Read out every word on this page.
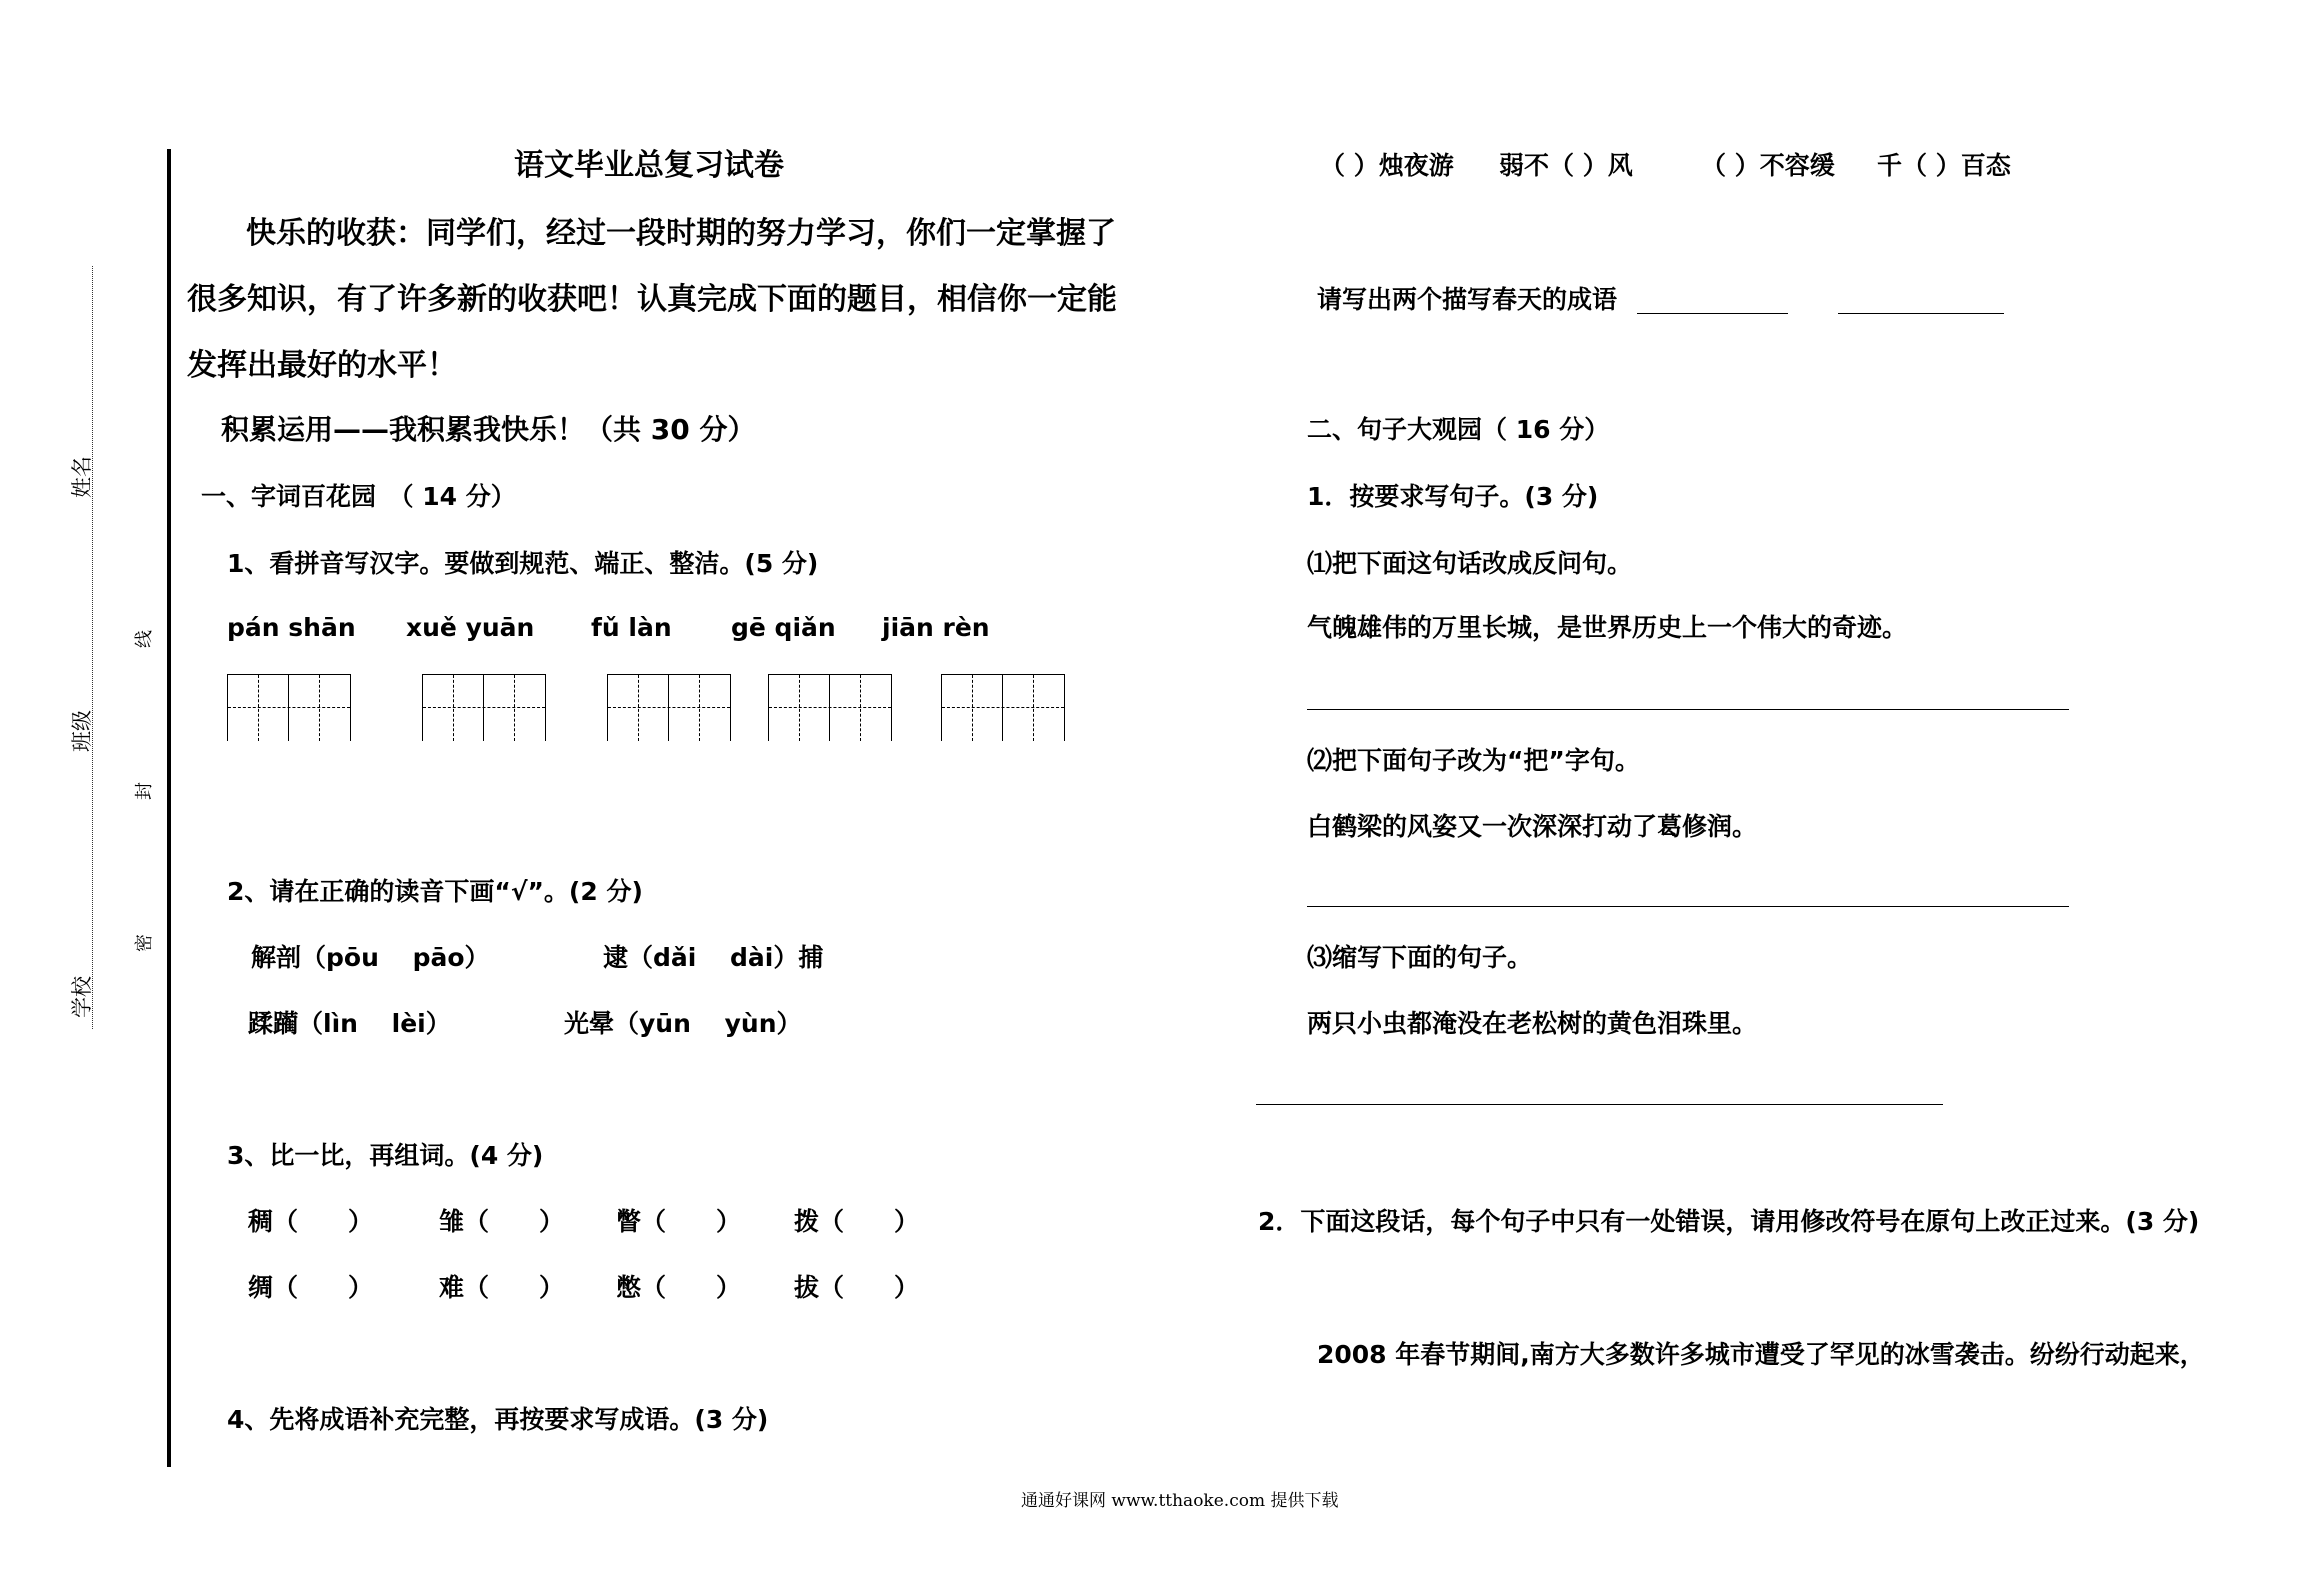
姓名
班级
学校
线
封
密
语文毕业总复习试卷
快乐的收获：同学们，经过一段时期的努力学习，你们一定掌握了
很多知识，有了许多新的收获吧！认真完成下面的题目，相信你一定能
发挥出最好的水平！
积累运用——我积累我快乐！（共 30 分）
一、字词百花园　（ 14 分）
1、看拼音写汉字。要做到规范、端正、整洁。(5 分)
pán shān xuě yuān fǔ làn gē qiǎn jiān rèn
2、请在正确的读音下画“√”。(2 分)
解剖（pōu　 pāo）	逮（dǎi　 dài）捕
蹂躏（lìn　 lèi）	光晕（yūn　 yùn）
3、比一比，再组词。(4 分)
稠（　　）	雏（　　） 瞥（　　） 拨（　　）
绸（　　）	难（　　） 憋（　　） 拔（　　）
4、先将成语补充完整，再按要求写成语。(3 分)
（ ）烛夜游 弱不（ ）风	（ ）不容缓 千（ ）百态
请写出两个描写春天的成语
二、句子大观园（ 16 分）
1．按要求写句子。(3 分)
⑴把下面这句话改成反问句。
气魄雄伟的万里长城，是世界历史上一个伟大的奇迹。
⑵把下面句子改为“把”字句。
白鹤梁的风姿又一次深深打动了葛修润。
⑶缩写下面的句子。
两只小虫都淹没在老松树的黄色泪珠里。
2．下面这段话，每个句子中只有一处错误，请用修改符号在原句上改正过来。(3 分)
2008 年春节期间,南方大多数许多城市遭受了罕见的冰雪袭击。纷纷行动起来，
通通好课网 www.tthaoke.com 提供下载
